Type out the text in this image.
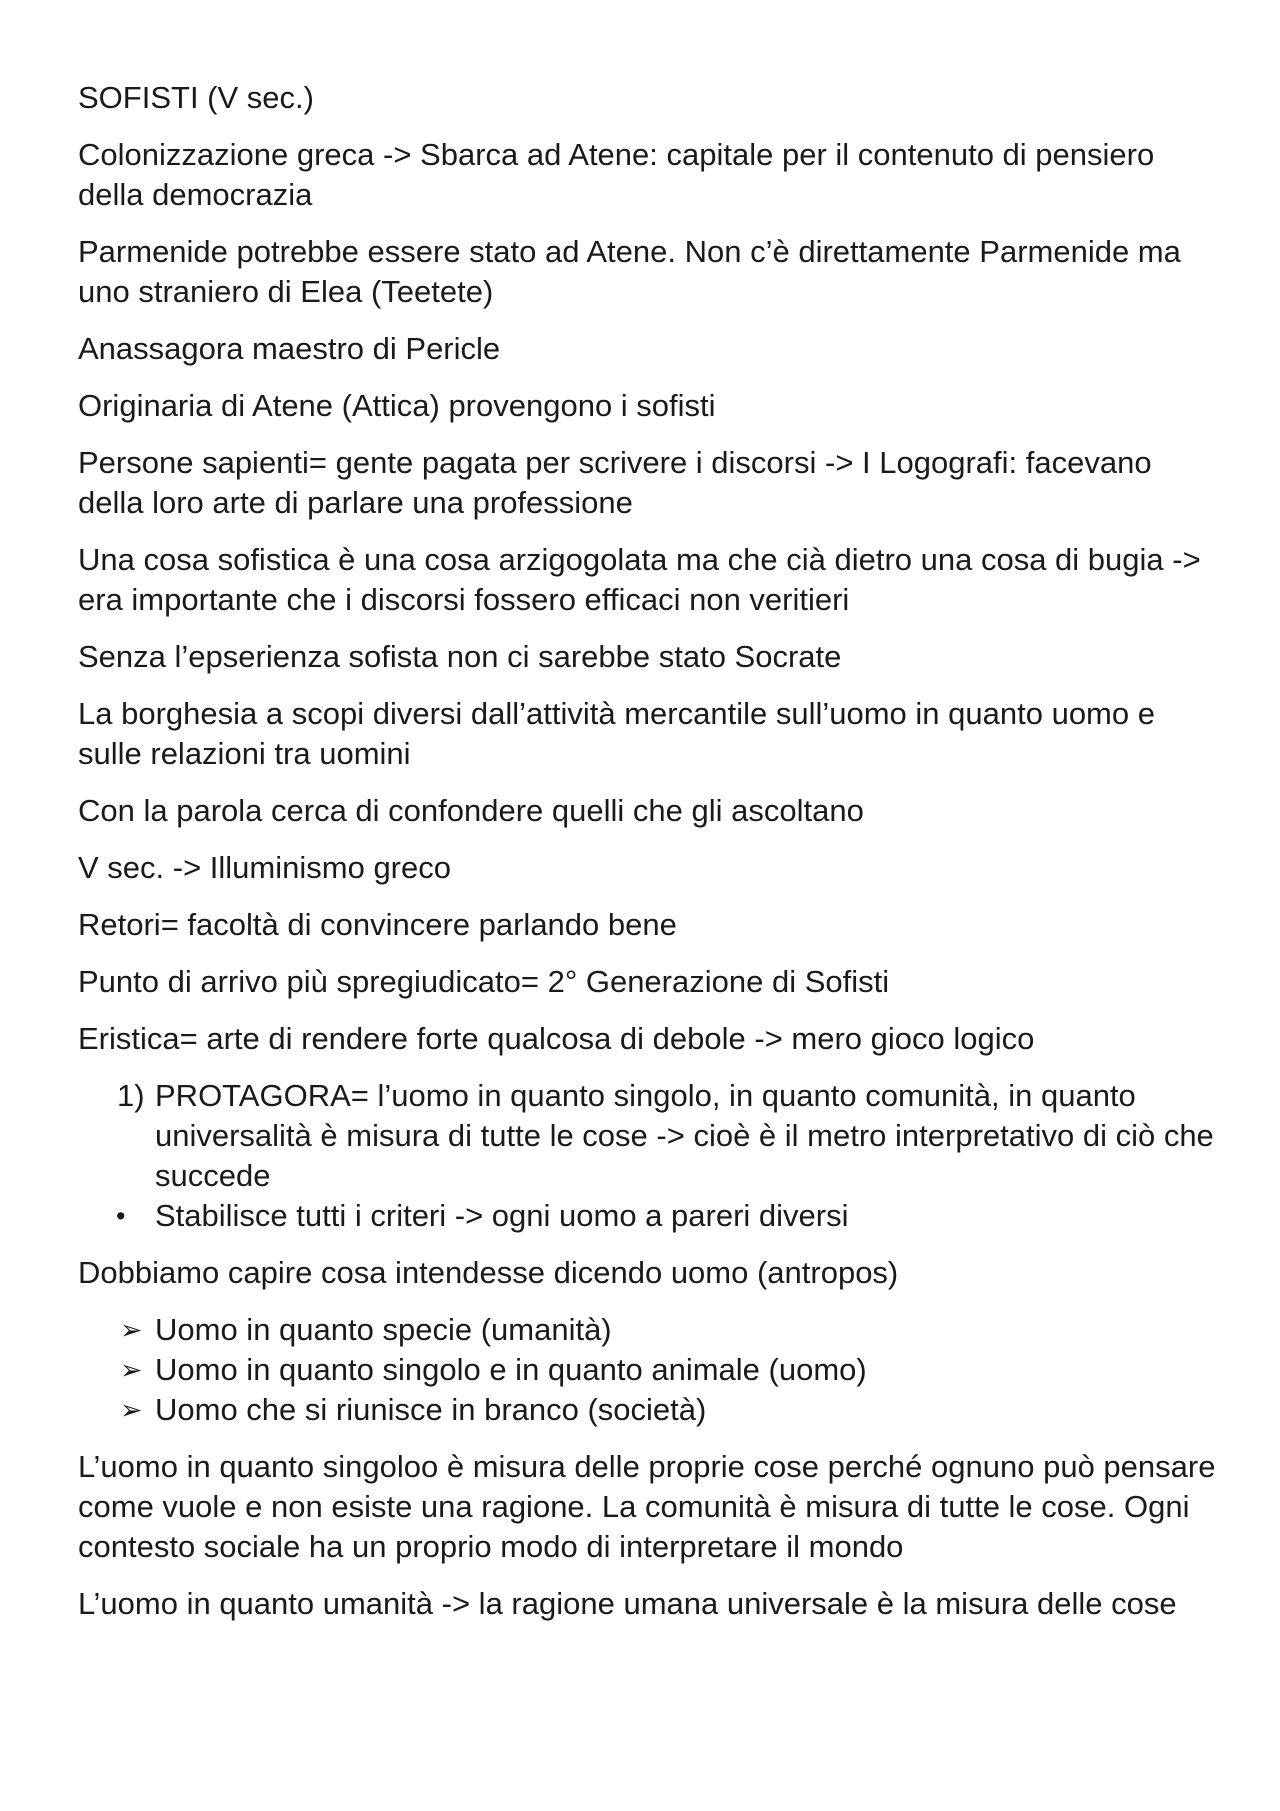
SOFISTI (V sec.)

Colonizzazione greca -> Sbarca ad Atene: capitale per il contenuto di pensiero della democrazia

Parmenide potrebbe essere stato ad Atene. Non c’è direttamente Parmenide ma uno straniero di Elea (Teetete)

Anassagora maestro di Pericle

Originaria di Atene (Attica) provengono i sofisti

Persone sapienti= gente pagata per scrivere i discorsi -> I Logografi: facevano della loro arte di parlare una professione

Una cosa sofistica è una cosa arzigogolata ma che cià dietro una cosa di bugia -> era importante che i discorsi fossero efficaci non veritieri

Senza l’epserienza sofista non ci sarebbe stato Socrate

La borghesia a scopi diversi dall’attività mercantile sull’uomo in quanto uomo e sulle relazioni tra uomini

Con la parola cerca di confondere quelli che gli ascoltano

V sec. -> Illuminismo greco

Retori= facoltà di convincere parlando bene

Punto di arrivo più spregiudicato= 2° Generazione di Sofisti

Eristica= arte di rendere forte qualcosa di debole -> mero gioco logico

1) PROTAGORA= l’uomo in quanto singolo, in quanto comunità, in quanto universalità è misura di tutte le cose -> cioè è il metro interpretativo di ciò che succede
• Stabilisce tutti i criteri -> ogni uomo a pareri diversi

Dobbiamo capire cosa intendesse dicendo uomo (antropos)

➢ Uomo in quanto specie (umanità)
➢ Uomo in quanto singolo e in quanto animale (uomo)
➢ Uomo che si riunisce in branco (società)

L’uomo in quanto singoloo è misura delle proprie cose perché ognuno può pensare come vuole e non esiste una ragione. La comunità è misura di tutte le cose. Ogni contesto sociale ha un proprio modo di interpretare il mondo

L’uomo in quanto umanità -> la ragione umana universale è la misura delle cose
